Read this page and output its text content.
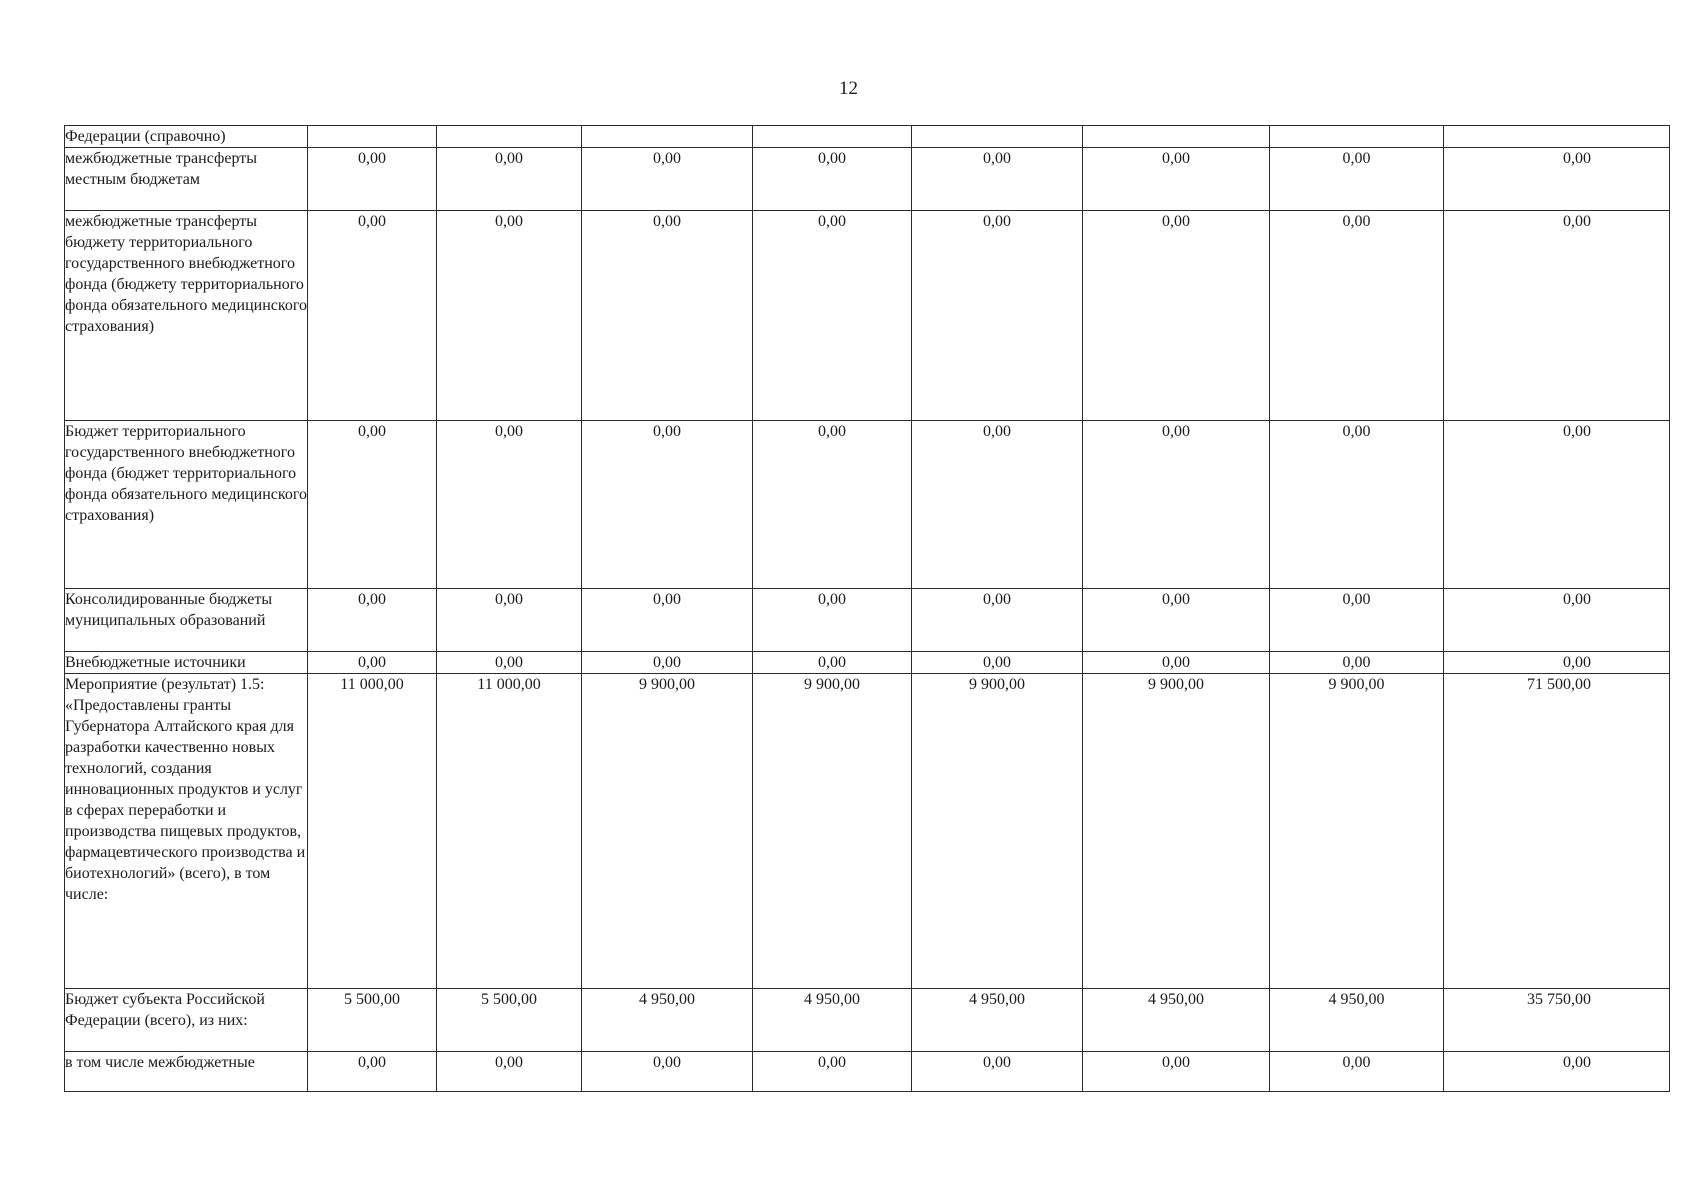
12
Федерации (справочно)								
межбюджетные трансферты местным бюджетам	0,00	0,00	0,00	0,00	0,00	0,00	0,00	0,00
межбюджетные трансферты бюджету территориального государственного внебюджетного фонда (бюджету территориального фонда обязательного медицинского страхования)	0,00	0,00	0,00	0,00	0,00	0,00	0,00	0,00
Бюджет территориального государственного внебюджетного фонда (бюджет территориального фонда обязательного медицинского страхования)	0,00	0,00	0,00	0,00	0,00	0,00	0,00	0,00
Консолидированные бюджеты муниципальных образований	0,00	0,00	0,00	0,00	0,00	0,00	0,00	0,00
Внебюджетные источники	0,00	0,00	0,00	0,00	0,00	0,00	0,00	0,00
Мероприятие (результат) 1.5: «Предоставлены гранты Губернатора Алтайского края для разработки качественно новых технологий, создания инновационных продуктов и услуг в сферах переработки и производства пищевых продуктов, фармацевтического производства и биотехнологий» (всего), в том числе:	11 000,00	11 000,00	9 900,00	9 900,00	9 900,00	9 900,00	9 900,00	71 500,00
Бюджет субъекта Российской Федерации (всего), из них:	5 500,00	5 500,00	4 950,00	4 950,00	4 950,00	4 950,00	4 950,00	35 750,00
в том числе межбюджетные	0,00	0,00	0,00	0,00	0,00	0,00	0,00	0,00
